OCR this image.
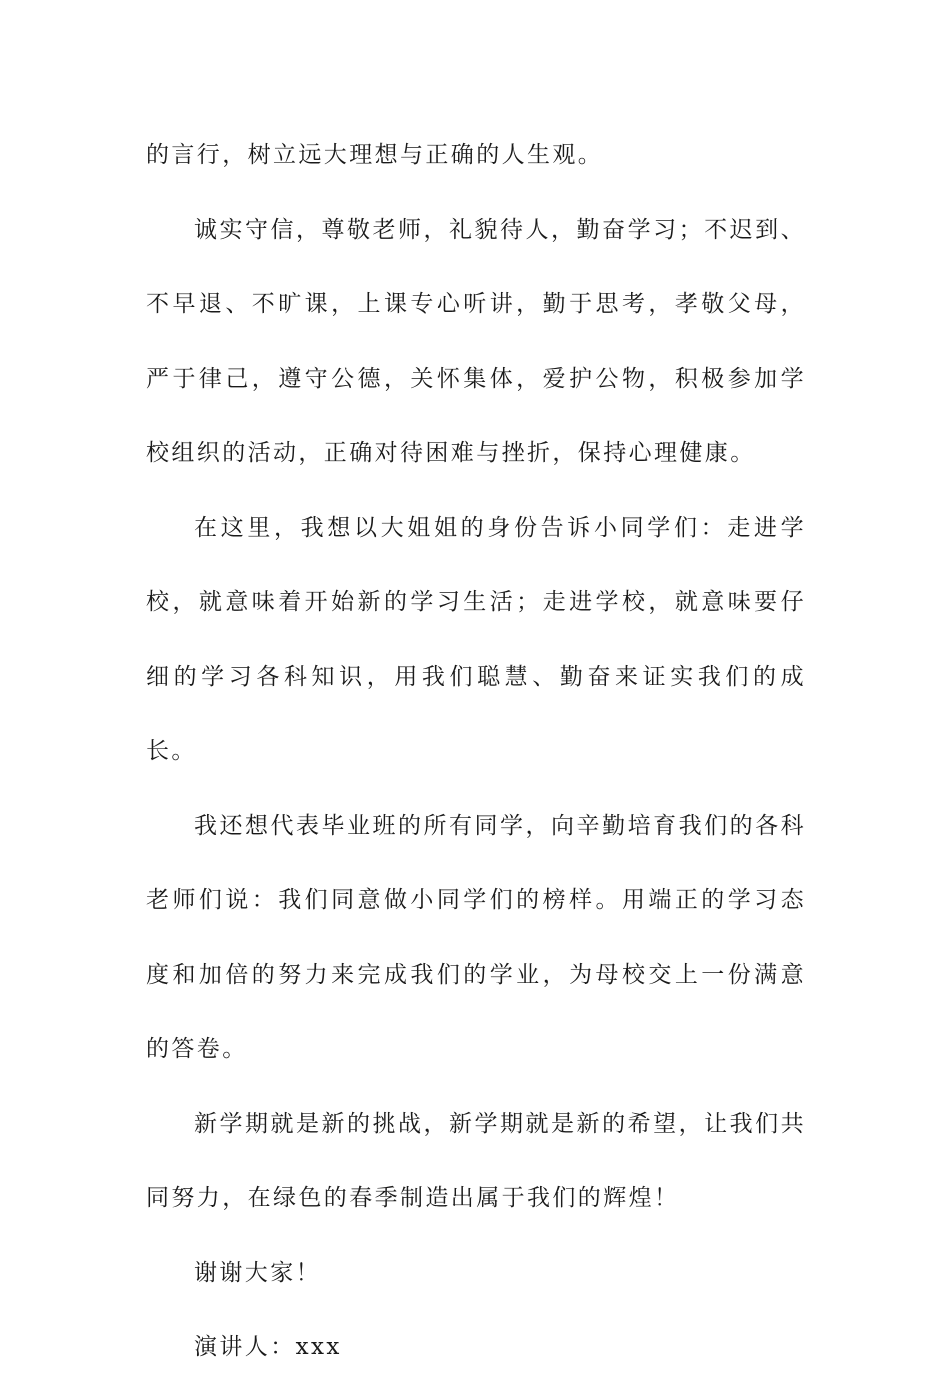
的言行，树立远大理想与正确的人生观。

诚实守信，尊敬老师，礼貌待人，勤奋学习；不迟到、不早退、不旷课，上课专心听讲，勤于思考，孝敬父母，严于律己，遵守公德，关怀集体，爱护公物，积极参加学校组织的活动，正确对待困难与挫折，保持心理健康。

在这里，我想以大姐姐的身份告诉小同学们：走进学校，就意味着开始新的学习生活；走进学校，就意味要仔细的学习各科知识，用我们聪慧、勤奋来证实我们的成长。

我还想代表毕业班的所有同学，向辛勤培育我们的各科老师们说：我们同意做小同学们的榜样。用端正的学习态度和加倍的努力来完成我们的学业，为母校交上一份满意的答卷。

新学期就是新的挑战，新学期就是新的希望，让我们共同努力，在绿色的春季制造出属于我们的辉煌！

谢谢大家！

演讲人：xxx
